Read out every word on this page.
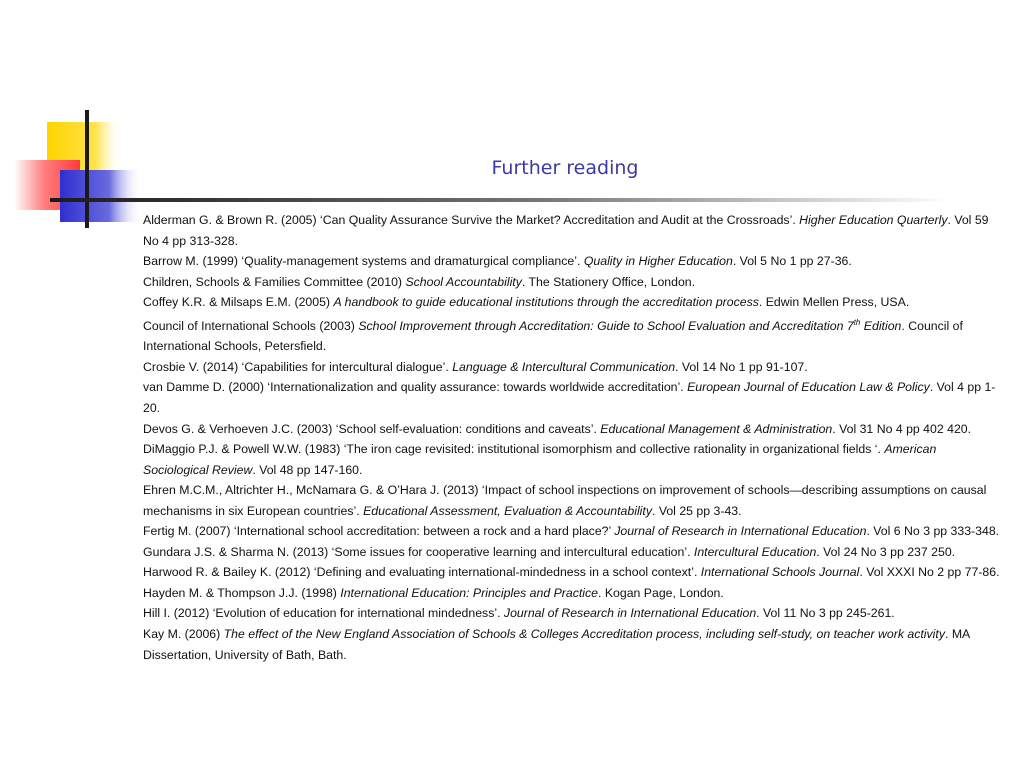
Further reading

Alderman G. & Brown R. (2005) ‘Can Quality Assurance Survive the Market? Accreditation and Audit at the Crossroads’. Higher Education Quarterly. Vol 59 No 4 pp 313-328.

Barrow M. (1999) ‘Quality-management systems and dramaturgical compliance’. Quality in Higher Education. Vol 5 No 1 pp 27-36.

Children, Schools & Families Committee (2010) School Accountability. The Stationery Office, London.

Coffey K.R. & Milsaps E.M. (2005) A handbook to guide educational institutions through the accreditation process. Edwin Mellen Press, USA.

Council of International Schools (2003) School Improvement through Accreditation: Guide to School Evaluation and Accreditation 7th Edition. Council of International Schools, Petersfield.

Crosbie V. (2014) ‘Capabilities for intercultural dialogue’. Language & Intercultural Communication. Vol 14 No 1 pp 91-107.

van Damme D. (2000) ‘Internationalization and quality assurance: towards worldwide accreditation’. European Journal of Education Law & Policy. Vol 4 pp 1-20.

Devos G. & Verhoeven J.C. (2003) ‘School self-evaluation: conditions and caveats’. Educational Management & Administration. Vol 31 No 4 pp 402 420.

DiMaggio P.J. & Powell W.W. (1983) ‘The iron cage revisited: institutional isomorphism and collective rationality in organizational fields ‘. American Sociological Review. Vol 48 pp 147-160.

Ehren M.C.M., Altrichter H., McNamara G. & O’Hara J. (2013) ‘Impact of school inspections on improvement of schools—describing assumptions on causal mechanisms in six European countries’. Educational Assessment, Evaluation & Accountability. Vol 25 pp 3-43.

Fertig M. (2007) ‘International school accreditation: between a rock and a hard place?’ Journal of Research in International Education. Vol 6 No 3 pp 333-348.

Gundara J.S. & Sharma N. (2013) ‘Some issues for cooperative learning and intercultural education’. Intercultural Education. Vol 24 No 3 pp 237 250.

Harwood R. & Bailey K. (2012) ‘Defining and evaluating international-mindedness in a school context’. International Schools Journal. Vol XXXI No 2 pp 77-86.

Hayden M. & Thompson J.J. (1998) International Education: Principles and Practice. Kogan Page, London.

Hill I. (2012) ‘Evolution of education for international mindedness’. Journal of Research in International Education. Vol 11 No 3 pp 245-261.

Kay M. (2006) The effect of the New England Association of Schools & Colleges Accreditation process, including self-study, on teacher work activity. MA Dissertation, University of Bath, Bath.
